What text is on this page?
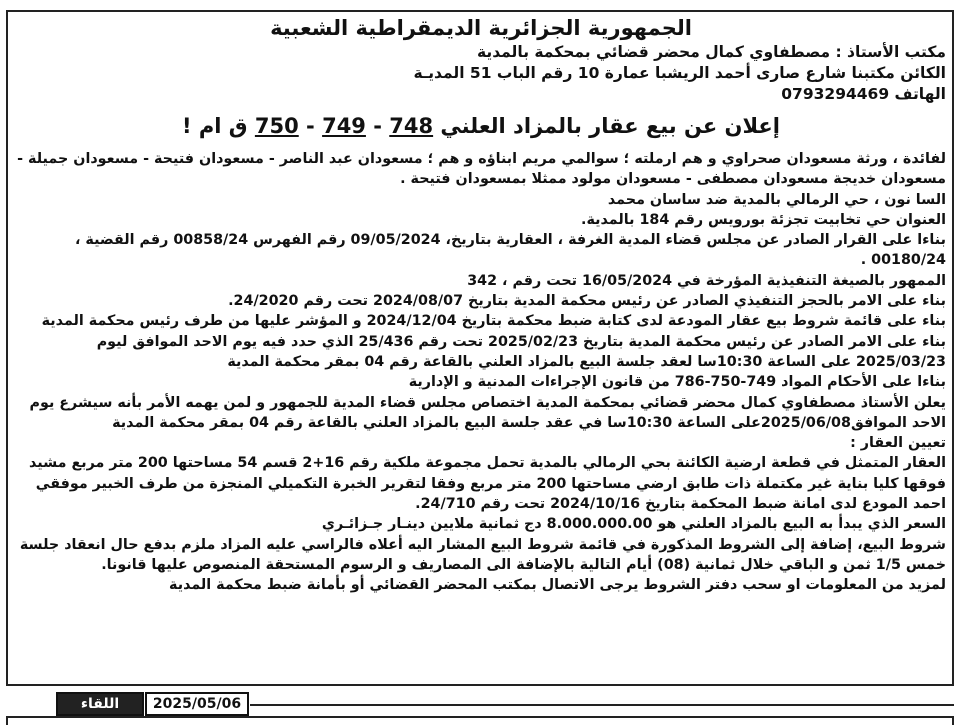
الجمهورية الجزائرية الديمقراطية الشعبية
مكتب الأستاذ : مصطفاوي كمال محضر قضائي بمحكمة بالمدية
الكائن مكتبنا شارع صارى أحمد الريشبا عمارة 10 رقم الباب 51 المديـة
الهاتف 0793294469
إعلان عن بيع عقار بالمزاد العلني 748 - 749 - 750 ق ام !

لفائدة ، ورثة مسعودان صحراوي و هم ارملته ؛ سوالمي مريم ابناؤه و هم ؛ مسعودان عبد الناصر - مسعودان فتيحة - مسعودان جميلة - مسعودان خديجة مسعودان مصطفى - مسعودان مولود ممثلا بمسعودان فتيحة .

السا نون ، حي الرمالي بالمدية ضد ساسان محمد

العنوان حي تخابيت تجزئة بورويس رقم 184 بالمدية.

بناءا على القرار الصادر عن مجلس قضاء المدية الغرفة ، العقارية بتاريخ، 09/05/2024 رقم الفهرس 00858/24 رقم القضية ، 00180/24 .

الممهور بالصيغة التنفيذية المؤرخة في 16/05/2024 تحت رقم ، 342

بناء على الامر بالحجز التنفيذي الصادر عن رئيس محكمة المدية بتاريخ 2024/08/07 تحت رقم 24/2020.

بناء على قائمة شروط بيع عقار المودعة لدى كتابة ضبط محكمة بتاريخ 2024/12/04 و المؤشر عليها من طرف رئيس محكمة المدية

بناء على الامر الصادر عن رئيس محكمة المدية بتاريخ 2025/02/23 تحت رقم 25/436 الذي حدد فيه يوم الاحد الموافق ليوم 2025/03/23 على الساعة 10:30سا لعقد جلسة البيع بالمزاد العلني بالقاعة رقم 04 بمقر محكمة المدية

بناءا على الأحكام المواد 749-750-786 من قانون الإجراءات المدنية و الإدارية

يعلن الأستاذ مصطفاوي كمال محضر قضائي بمحكمة المدية اختصاص مجلس قضاء المدية للجمهور و لمن يهمه الأمر بأنه سيشرع يوم الاحد الموافق2025/06/08على الساعة 10:30سا في عقد جلسة البيع بالمزاد العلني بالقاعة رقم 04 بمقر محكمة المدية

تعيين العقار :

العقار المتمثل في قطعة ارضية الكائنة بحي الرمالي بالمدية تحمل مجموعة ملكية رقم 16+2 قسم 54 مساحتها 200 متر مربع مشيد فوقها كليا بناية غير مكتملة ذات طابق ارضي مساحتها 200 متر مربع وفقا لتقرير الخبرة التكميلي المنجزة من طرف الخبير موفقي احمد المودع لدى امانة ضبط المحكمة بتاريخ 2024/10/16 تحت رقم 24/710.

السعر الذي يبدأ به البيع بالمزاد العلني هو 8.000.000.00 دج ثمانية ملايين دينـار جـزائـري

شروط البيع، إضافة إلى الشروط المذكورة في قائمة شروط البيع المشار اليه أعلاه فالراسي عليه المزاد ملزم بدفع حال انعقاد جلسة خمس 1/5 ثمن و الباقي خلال ثمانية (08) أيام التالية بالإضافة الى المصاريف و الرسوم المستحقة المنصوص عليها قانونا.

لمزيد من المعلومات او سحب دفتر الشروط يرجى الاتصال بمكتب المحضر القضائي أو بأمانة ضبط محكمة المدية

اللقاء	2025/05/06
